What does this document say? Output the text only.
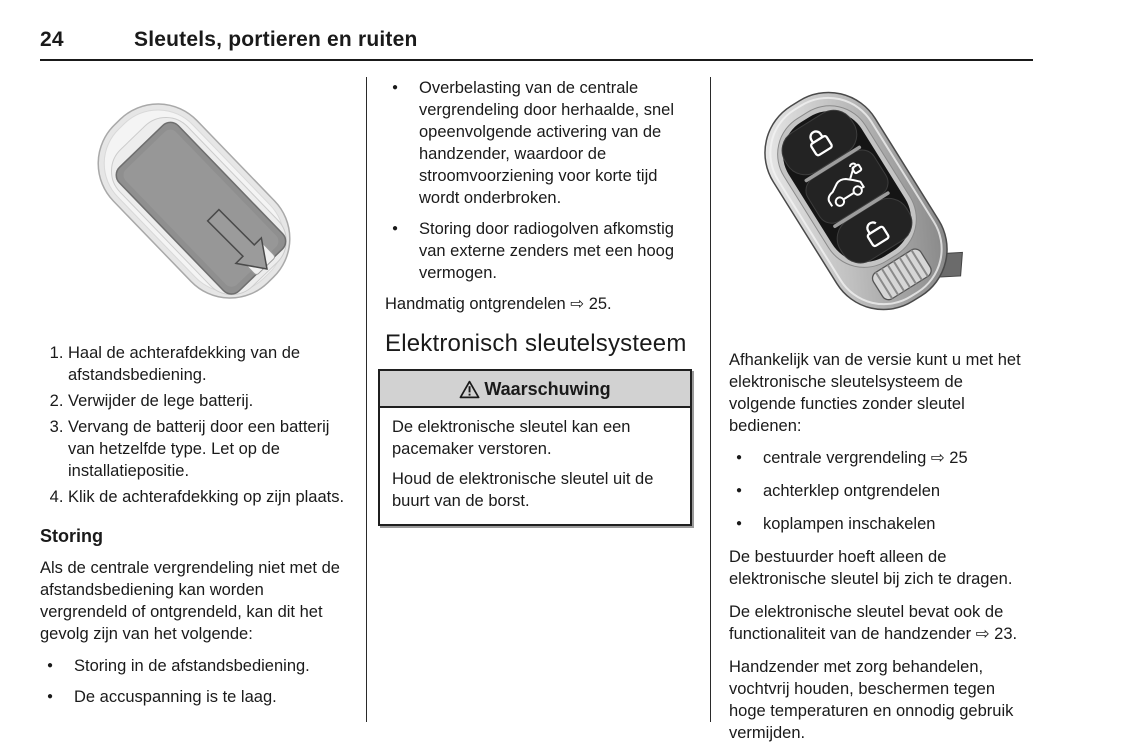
24	Sleutels, portieren en ruiten
1. Haal de achterafdekking van de afstandsbediening.
2. Verwijder de lege batterij.
3. Vervang de batterij door een batterij van hetzelfde type. Let op de installatiepositie.
4. Klik de achterafdekking op zijn plaats.
Storing

Als de centrale vergrendeling niet met de afstandsbediening kan worden vergrendeld of ontgrendeld, kan dit het gevolg zijn van het volgende:

● Storing in de afstandsbediening.
● De accuspanning is te laag.
● Overbelasting van de centrale vergrendeling door herhaalde, snel opeenvolgende activering van de handzender, waardoor de stroomvoorziening voor korte tijd wordt onderbroken.
● Storing door radiogolven afkomstig van externe zenders met een hoog vermogen.

Handmatig ontgrendelen ⇨ 25.

Elektronisch sleutelsysteem
Waarschuwing

De elektronische sleutel kan een pacemaker verstoren.

Houd de elektronische sleutel uit de buurt van de borst.

Afhankelijk van de versie kunt u met het elektronische sleutelsysteem de volgende functies zonder sleutel bedienen:

● centrale vergrendeling ⇨ 25
● achterklep ontgrendelen
● koplampen inschakelen

De bestuurder hoeft alleen de elektronische sleutel bij zich te dragen.

De elektronische sleutel bevat ook de functionaliteit van de handzender ⇨ 23.

Handzender met zorg behandelen, vochtvrij houden, beschermen tegen hoge temperaturen en onnodig gebruik vermijden.
